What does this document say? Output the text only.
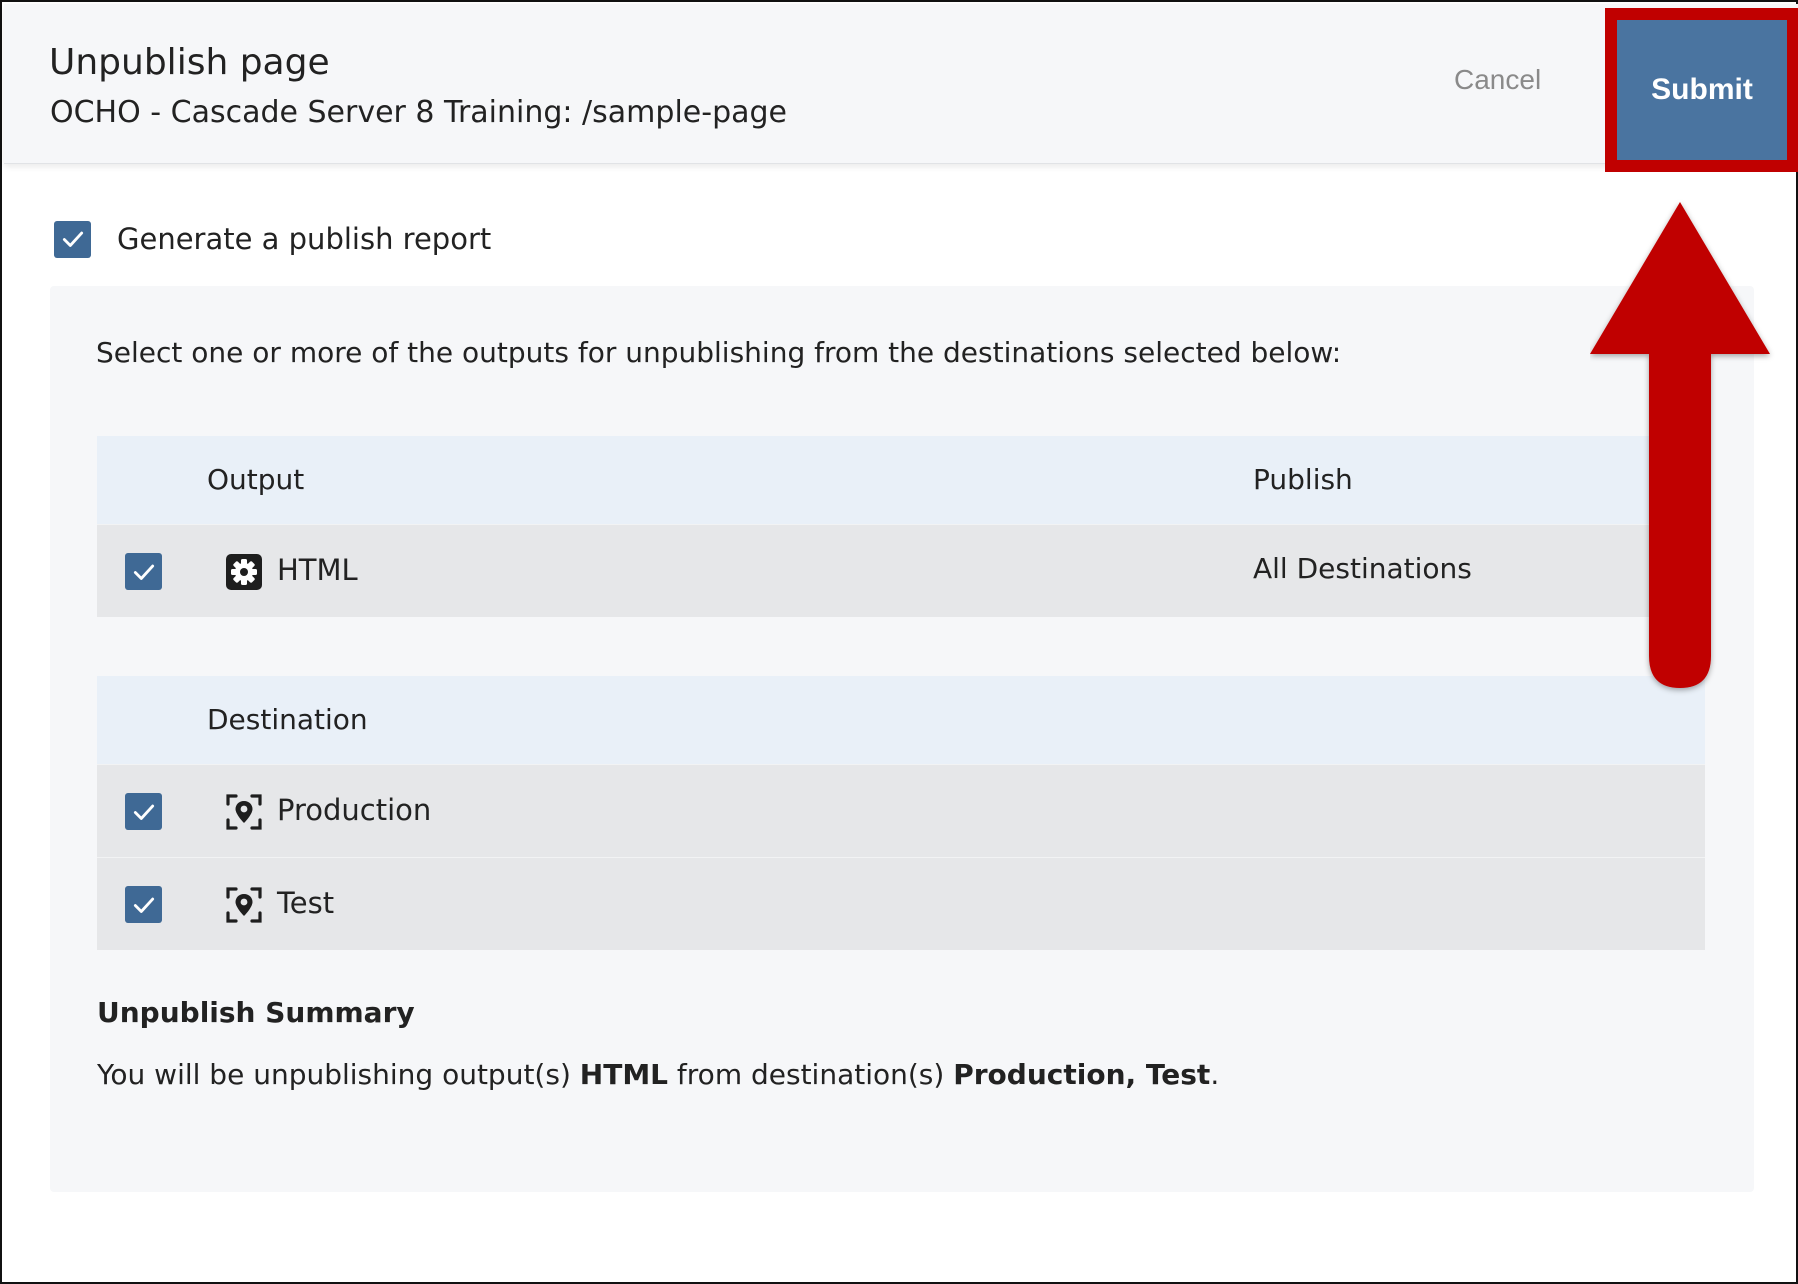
Unpublish page
OCHO - Cascade Server 8 Training: /sample-page
Cancel	Submit
Generate a publish report
Select one or more of the outputs for unpublishing from the destinations selected below:
Output	Publish
HTML	All Destinations
Destination
Production
Test
Unpublish Summary
You will be unpublishing output(s) HTML from destination(s) Production, Test.
